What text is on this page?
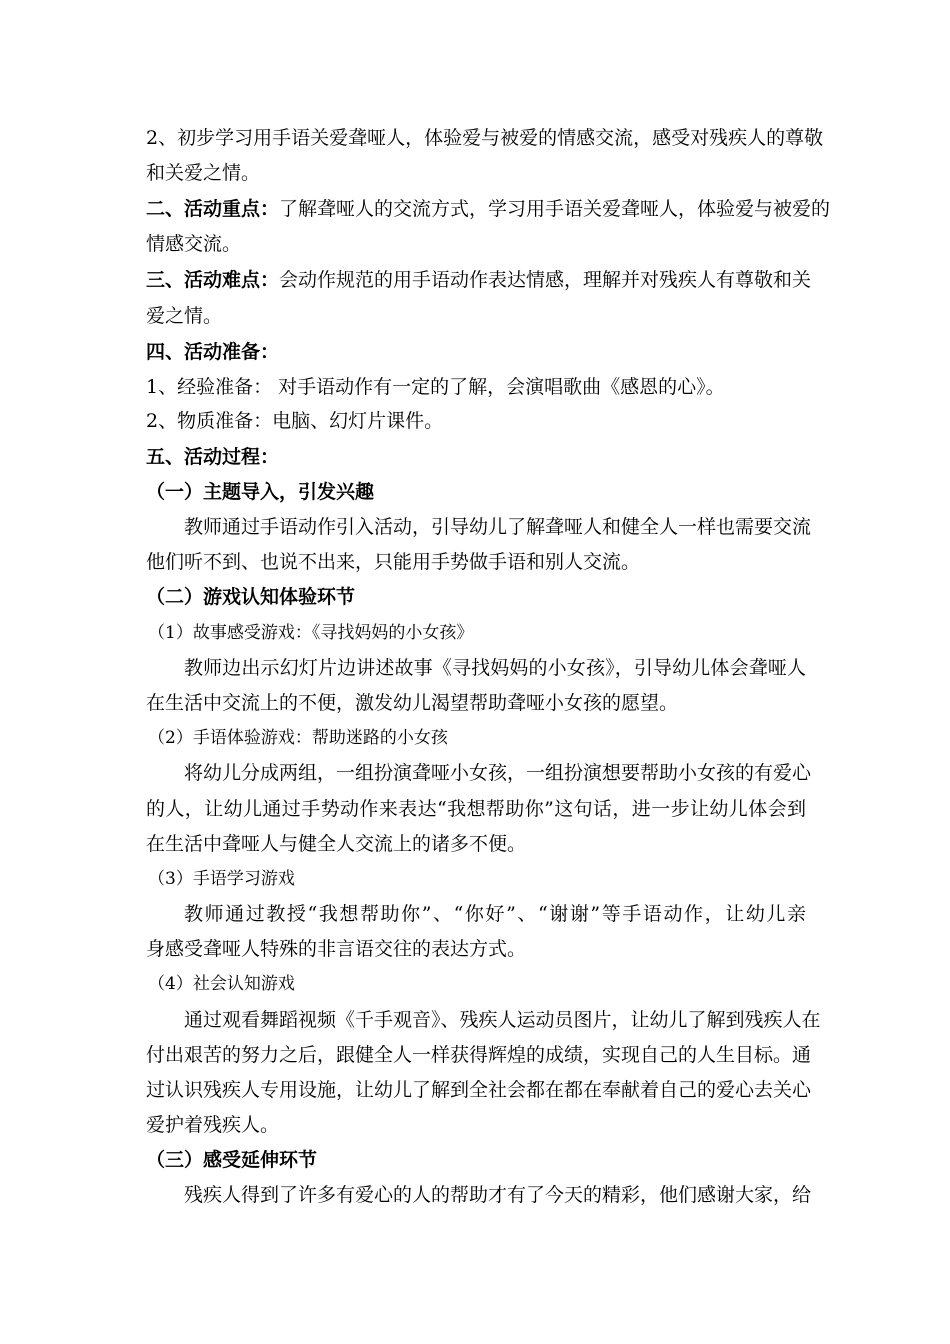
2、初步学习用手语关爱聋哑人，体验爱与被爱的情感交流，感受对残疾人的尊敬
和关爱之情。
二、活动重点：了解聋哑人的交流方式，学习用手语关爱聋哑人，体验爱与被爱的
情感交流。
三、活动难点：会动作规范的用手语动作表达情感，理解并对残疾人有尊敬和关
爱之情。
四、活动准备：
1、经验准备： 对手语动作有一定的了解，会演唱歌曲《感恩的心》。
2、物质准备：电脑、幻灯片课件。
五、活动过程：
（一）主题导入，引发兴趣
教师通过手语动作引入活动，引导幼儿了解聋哑人和健全人一样也需要交流
他们听不到、也说不出来，只能用手势做手语和别人交流。
（二）游戏认知体验环节
（1）故事感受游戏：《寻找妈妈的小女孩》
教师边出示幻灯片边讲述故事《寻找妈妈的小女孩》，引导幼儿体会聋哑人
在生活中交流上的不便，激发幼儿渴望帮助聋哑小女孩的愿望。
（2）手语体验游戏：帮助迷路的小女孩
将幼儿分成两组，一组扮演聋哑小女孩，一组扮演想要帮助小女孩的有爱心
的人，让幼儿通过手势动作来表达“我想帮助你”这句话，进一步让幼儿体会到
在生活中聋哑人与健全人交流上的诸多不便。
（3）手语学习游戏
教师通过教授“我想帮助你”、“你好”、“谢谢”等手语动作，让幼儿亲
身感受聋哑人特殊的非言语交往的表达方式。
（4）社会认知游戏
通过观看舞蹈视频《千手观音》、残疾人运动员图片，让幼儿了解到残疾人在
付出艰苦的努力之后，跟健全人一样获得辉煌的成绩，实现自己的人生目标。通
过认识残疾人专用设施，让幼儿了解到全社会都在都在奉献着自己的爱心去关心
爱护着残疾人。
（三）感受延伸环节
残疾人得到了许多有爱心的人的帮助才有了今天的精彩，他们感谢大家，给
